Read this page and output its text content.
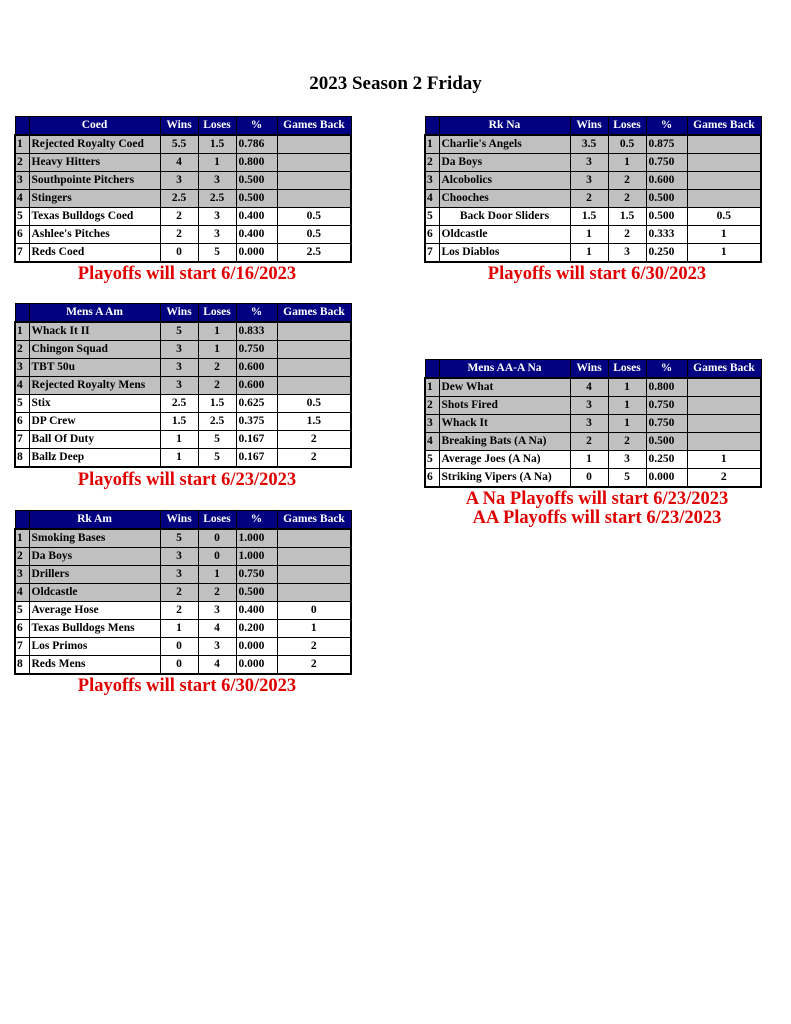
2023 Season 2 Friday
	Coed	Wins	Loses	%	Games Back
1	Rejected Royalty Coed	5.5	1.5	0.786	
2	Heavy Hitters	4	1	0.800	
3	Southpointe Pitchers	3	3	0.500	
4	Stingers	2.5	2.5	0.500	
5	Texas Bulldogs Coed	2	3	0.400	0.5
6	Ashlee's Pitches	2	3	0.400	0.5
7	Reds Coed	0	5	0.000	2.5
Playoffs will start 6/16/2023
	Rk Na	Wins	Loses	%	Games Back
1	Charlie's Angels	3.5	0.5	0.875	
2	Da Boys	3	1	0.750	
3	Alcobolics	3	2	0.600	
4	Chooches	2	2	0.500	
5	Back Door Sliders	1.5	1.5	0.500	0.5
6	Oldcastle	1	2	0.333	1
7	Los Diablos	1	3	0.250	1
Playoffs will start 6/30/2023
	Mens A Am	Wins	Loses	%	Games Back
1	Whack It II	5	1	0.833	
2	Chingon Squad	3	1	0.750	
3	TBT 50u	3	2	0.600	
4	Rejected Royalty Mens	3	2	0.600	
5	Stix	2.5	1.5	0.625	0.5
6	DP Crew	1.5	2.5	0.375	1.5
7	Ball Of Duty	1	5	0.167	2
8	Ballz Deep	1	5	0.167	2
Playoffs will start 6/23/2023
	Mens AA-A Na	Wins	Loses	%	Games Back
1	Dew What	4	1	0.800	
2	Shots Fired	3	1	0.750	
3	Whack It	3	1	0.750	
4	Breaking Bats (A Na)	2	2	0.500	
5	Average Joes (A Na)	1	3	0.250	1
6	Striking Vipers (A Na)	0	5	0.000	2
A Na Playoffs will start 6/23/2023
AA Playoffs will start 6/23/2023
	Rk Am	Wins	Loses	%	Games Back
1	Smoking Bases	5	0	1.000	
2	Da Boys	3	0	1.000	
3	Drillers	3	1	0.750	
4	Oldcastle	2	2	0.500	
5	Average Hose	2	3	0.400	0
6	Texas Bulldogs Mens	1	4	0.200	1
7	Los Primos	0	3	0.000	2
8	Reds Mens	0	4	0.000	2
Playoffs will start 6/30/2023
